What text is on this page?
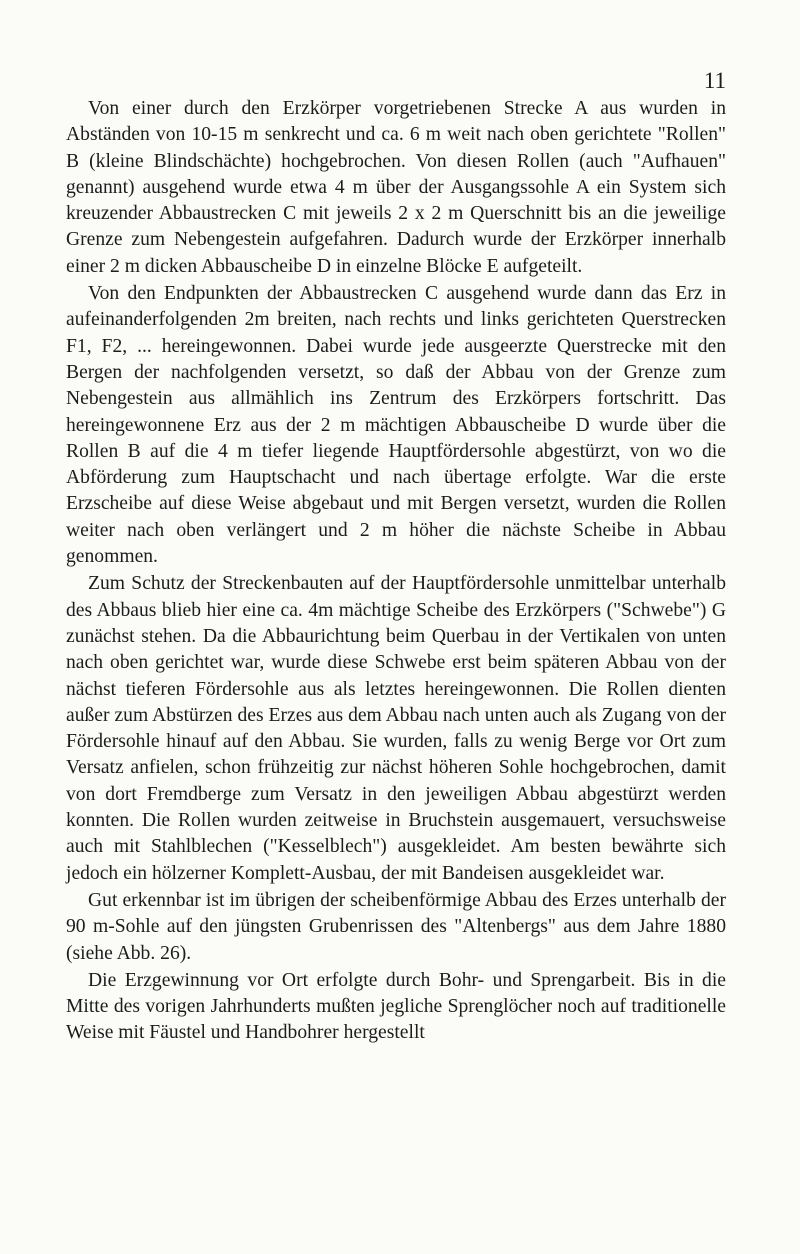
11

Von einer durch den Erzkörper vorgetriebenen Strecke A aus wurden in Abständen von 10-15 m senkrecht und ca. 6 m weit nach oben gerichtete "Rollen" B (kleine Blindschächte) hochgebrochen. Von diesen Rollen (auch "Aufhauen" genannt) ausgehend wurde etwa 4 m über der Ausgangssohle A ein System sich kreuzender Abbaustrecken C mit jeweils 2 x 2 m Querschnitt bis an die jeweilige Grenze zum Nebengestein aufgefahren. Dadurch wurde der Erzkörper innerhalb einer 2 m dicken Abbauscheibe D in einzelne Blöcke E aufgeteilt.

Von den Endpunkten der Abbaustrecken C ausgehend wurde dann das Erz in aufeinanderfolgenden 2m breiten, nach rechts und links gerichteten Querstrecken F1, F2, ... hereingewonnen. Dabei wurde jede ausgeerzte Querstrecke mit den Bergen der nachfolgenden versetzt, so daß der Abbau von der Grenze zum Nebengestein aus allmählich ins Zentrum des Erzkörpers fortschritt. Das hereingewonnene Erz aus der 2 m mächtigen Abbauscheibe D wurde über die Rollen B auf die 4 m tiefer liegende Hauptfördersohle abgestürzt, von wo die Abförderung zum Hauptschacht und nach übertage erfolgte. War die erste Erzscheibe auf diese Weise abgebaut und mit Bergen versetzt, wurden die Rollen weiter nach oben verlängert und 2 m höher die nächste Scheibe in Abbau genommen.

Zum Schutz der Streckenbauten auf der Hauptfördersohle unmittelbar unterhalb des Abbaus blieb hier eine ca. 4m mächtige Scheibe des Erzkörpers ("Schwebe") G zunächst stehen. Da die Abbaurichtung beim Querbau in der Vertikalen von unten nach oben gerichtet war, wurde diese Schwebe erst beim späteren Abbau von der nächst tieferen Fördersohle aus als letztes hereingewonnen. Die Rollen dienten außer zum Abstürzen des Erzes aus dem Abbau nach unten auch als Zugang von der Fördersohle hinauf auf den Abbau. Sie wurden, falls zu wenig Berge vor Ort zum Versatz anfielen, schon frühzeitig zur nächst höheren Sohle hochgebrochen, damit von dort Fremdberge zum Versatz in den jeweiligen Abbau abgestürzt werden konnten. Die Rollen wurden zeitweise in Bruchstein ausgemauert, versuchsweise auch mit Stahlblechen ("Kesselblech") ausgekleidet. Am besten bewährte sich jedoch ein hölzerner Komplett-Ausbau, der mit Bandeisen ausgekleidet war.

Gut erkennbar ist im übrigen der scheibenförmige Abbau des Erzes unterhalb der 90 m-Sohle auf den jüngsten Grubenrissen des "Altenbergs" aus dem Jahre 1880 (siehe Abb. 26).

Die Erzgewinnung vor Ort erfolgte durch Bohr- und Sprengarbeit. Bis in die Mitte des vorigen Jahrhunderts mußten jegliche Sprenglöcher noch auf traditionelle Weise mit Fäustel und Handbohrer hergestellt
